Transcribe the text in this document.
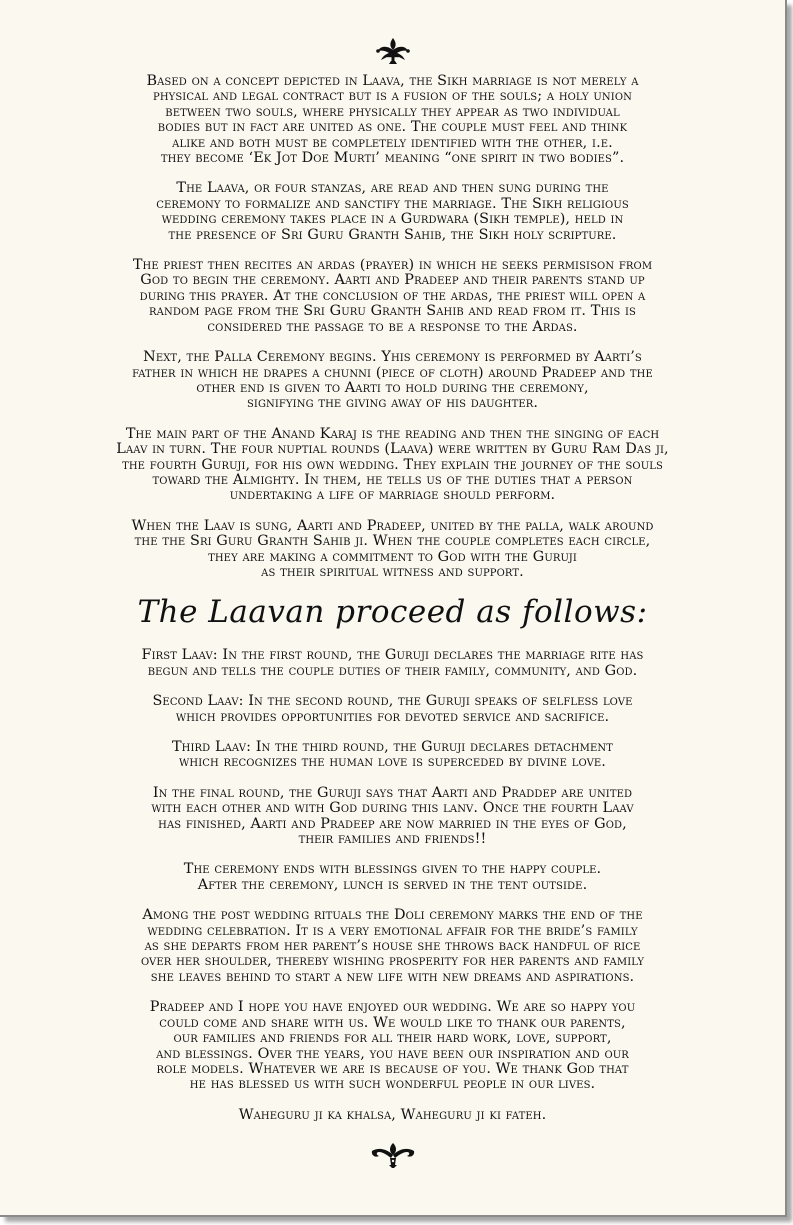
Based on a concept depicted in Laava, the Sikh marriage is not merely a
physical and legal contract but is a fusion of the souls; a holy union
between two souls, where physically they appear as two individual
bodies but in fact are united as one. The couple must feel and think
alike and both must be completely identified with the other, i.e.
they become ‘Ek Jot Doe Murti’ meaning “one spirit in two bodies”.
The Laava, or four stanzas, are read and then sung during the
ceremony to formalize and sanctify the marriage. The Sikh religious
wedding ceremony takes place in a Gurdwara (Sikh temple), held in
the presence of Sri Guru Granth Sahib, the Sikh holy scripture.
The priest then recites an ardas (prayer) in which he seeks permisison from
God to begin the ceremony. Aarti and Pradeep and their parents stand up
during this prayer. At the conclusion of the ardas, the priest will open a
random page from the Sri Guru Granth Sahib and read from it. This is
considered the passage to be a response to the Ardas.
Next, the Palla Ceremony begins. Yhis ceremony is performed by Aarti’s
father in which he drapes a chunni (piece of cloth) around Pradeep and the
other end is given to Aarti to hold during the ceremony,
signifying the giving away of his daughter.
The main part of the Anand Karaj is the reading and then the singing of each
Laav in turn. The four nuptial rounds (Laava) were written by Guru Ram Das ji,
the fourth Guruji, for his own wedding. They explain the journey of the souls
toward the Almighty. In them, he tells us of the duties that a person
undertaking a life of marriage should perform.
When the Laav is sung, Aarti and Pradeep, united by the palla, walk around
the the Sri Guru Granth Sahib ji. When the couple completes each circle,
they are making a commitment to God with the Guruji
as their spiritual witness and support.
The Laavan proceed as follows:
First Laav: In the first round, the Guruji declares the marriage rite has
begun and tells the couple duties of their family, community, and God.
Second Laav: In the second round, the Guruji speaks of selfless love
which provides opportunities for devoted service and sacrifice.
Third Laav: In the third round, the Guruji declares detachment
which recognizes the human love is superceded by divine love.
In the final round, the Guruji says that Aarti and Praddep are united
with each other and with God during this lanv. Once the fourth Laav
has finished, Aarti and Pradeep are now married in the eyes of God,
their families and friends!!
The ceremony ends with blessings given to the happy couple.
After the ceremony, lunch is served in the tent outside.
Among the post wedding rituals the Doli ceremony marks the end of the
wedding celebration. It is a very emotional affair for the bride’s family
as she departs from her parent’s house she throws back handful of rice
over her shoulder, thereby wishing prosperity for her parents and family
she leaves behind to start a new life with new dreams and aspirations.
Pradeep and I hope you have enjoyed our wedding. We are so happy you
could come and share with us. We would like to thank our parents,
our families and friends for all their hard work, love, support,
and blessings. Over the years, you have been our inspiration and our
role models. Whatever we are is because of you. We thank God that
he has blessed us with such wonderful people in our lives.
Waheguru ji ka khalsa, Waheguru ji ki fateh.
